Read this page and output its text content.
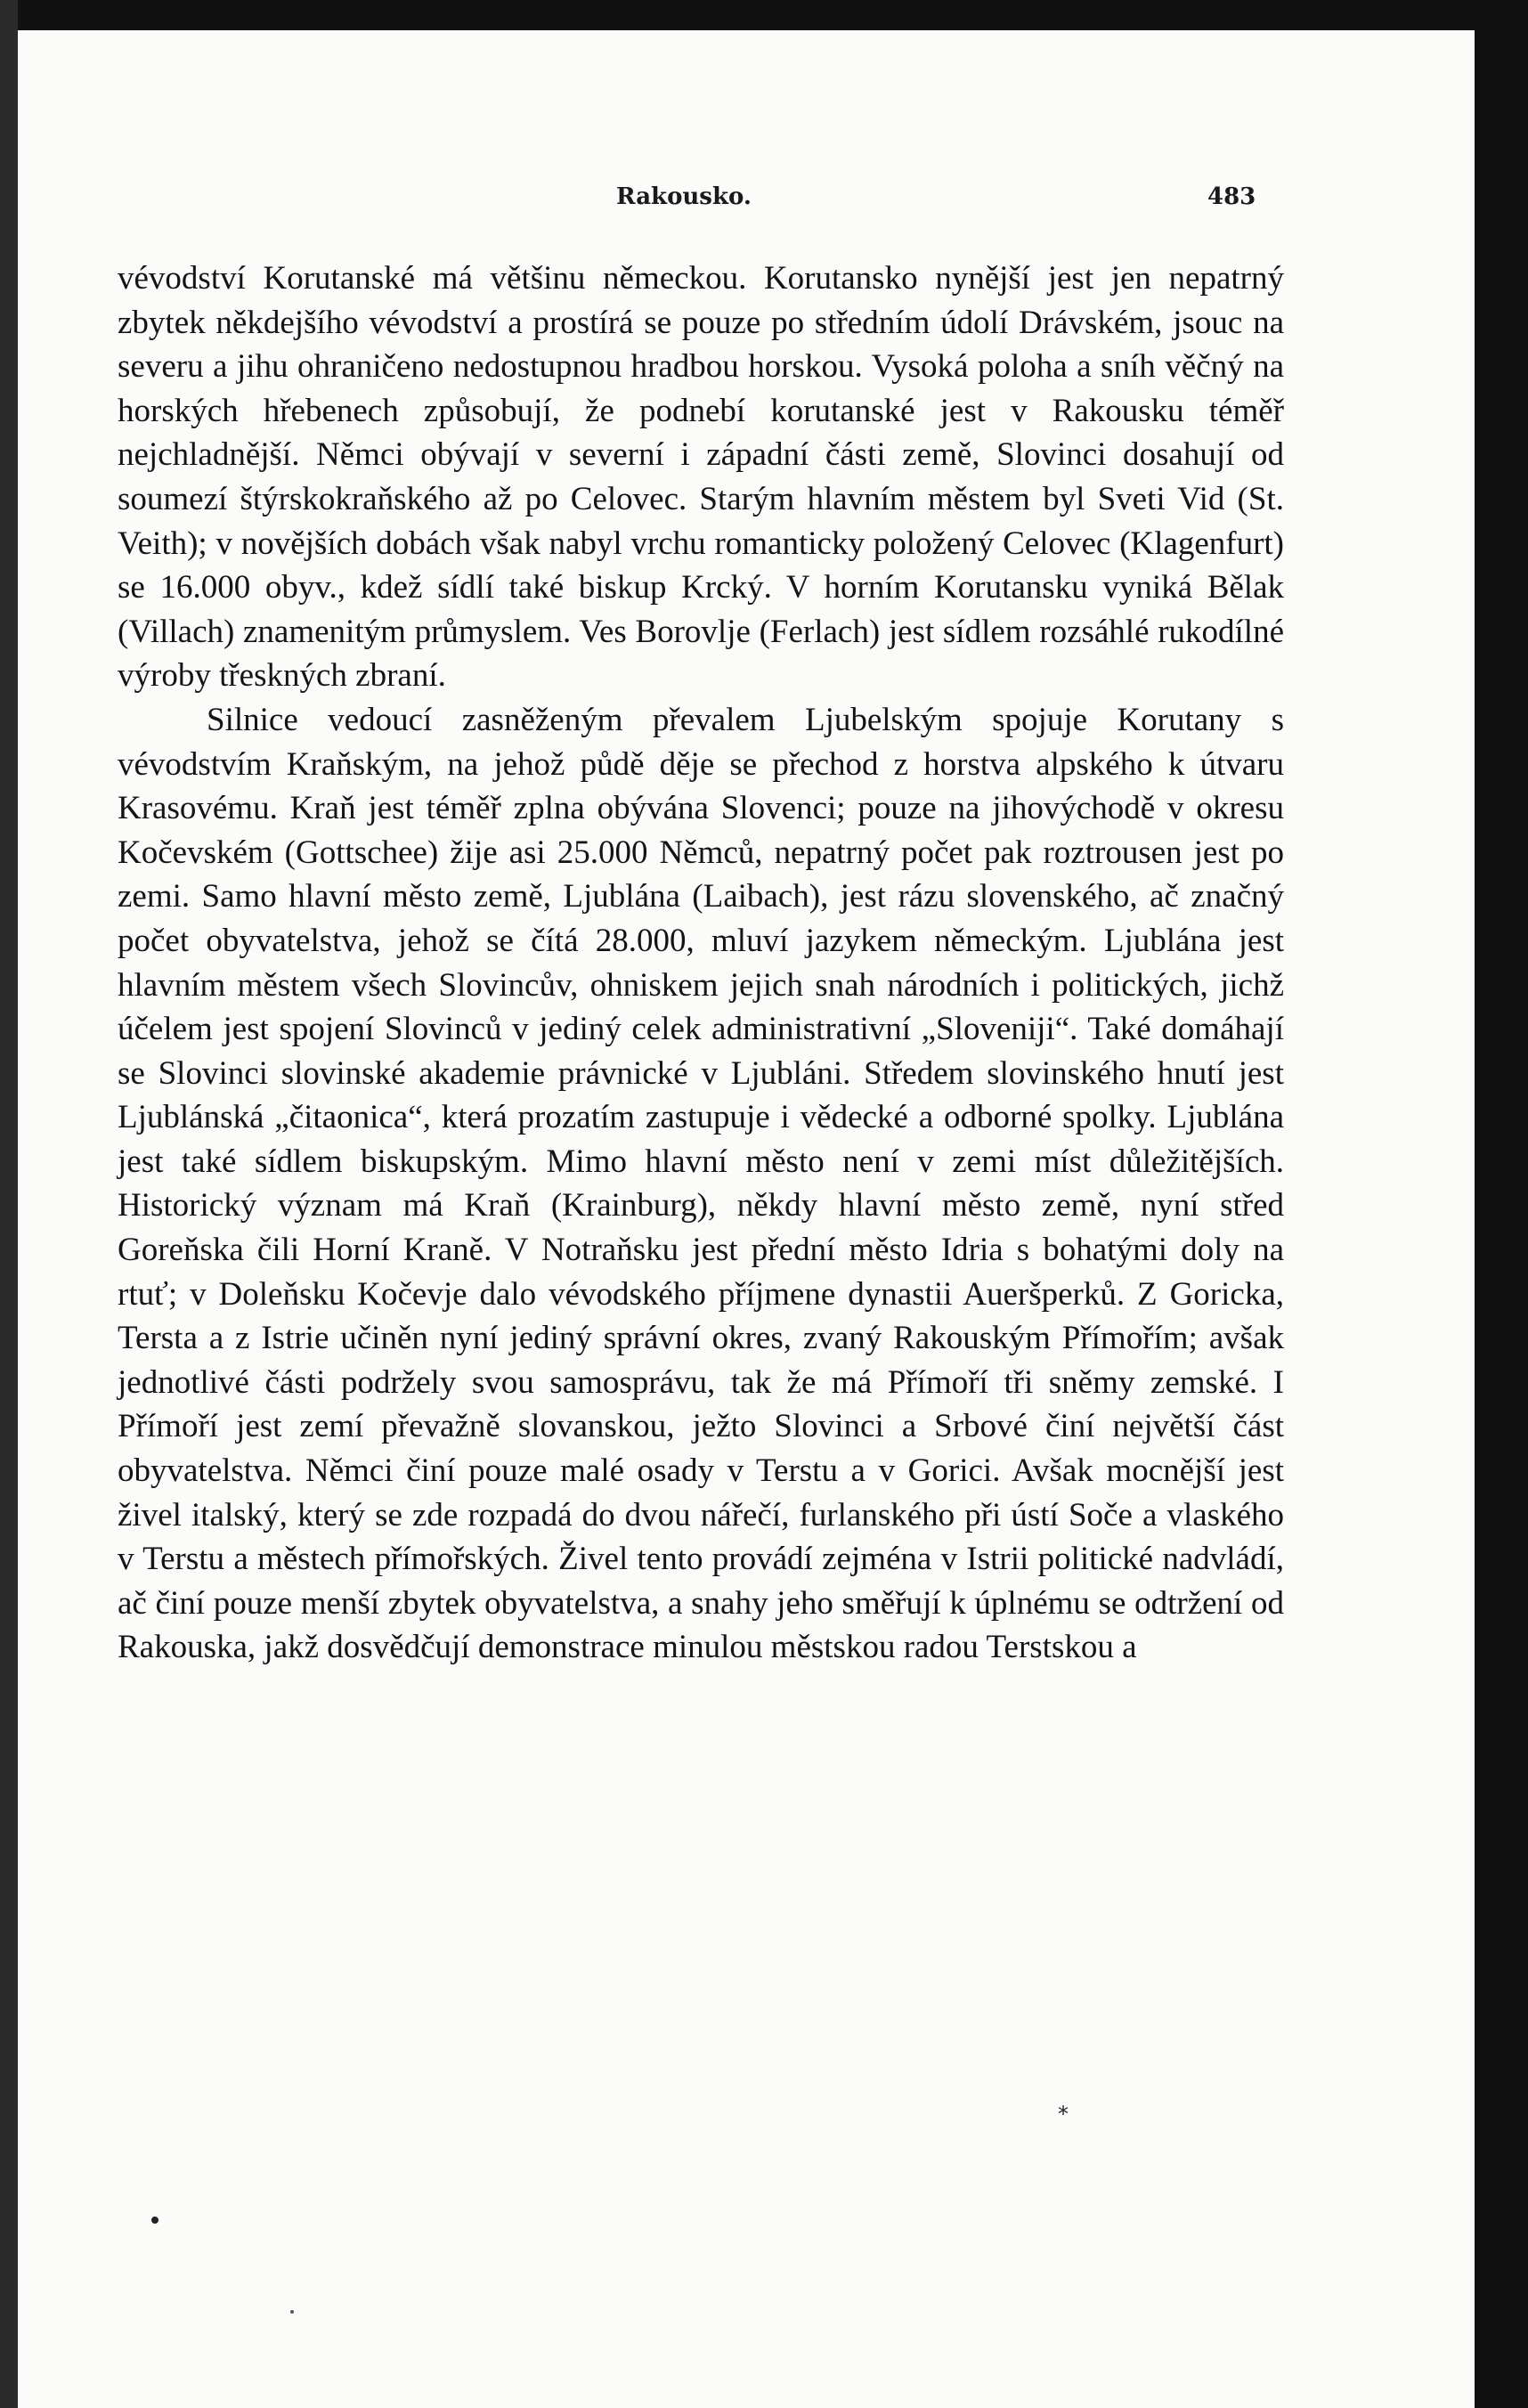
Rakousko.	483

vévodství Korutanské má většinu německou. Korutansko nynější jest jen nepatrný zbytek někdejšího vévodství a prostírá se pouze po středním údolí Drávském, jsouc na severu a jihu ohraničeno nedostupnou hradbou horskou. Vysoká poloha a sníh věčný na horských hřebenech způsobují, že podnebí korutanské jest v Rakousku téměř nejchladnější. Němci obývají v severní i západní části země, Slovinci dosahují od soumezí štýrskokraňského až po Celovec. Starým hlavním městem byl Sveti Vid (St. Veith); v novějších dobách však nabyl vrchu romanticky položený Celovec (Klagenfurt) se 16.000 obyv., kdež sídlí také biskup Krcký. V horním Korutansku vyniká Bělak (Villach) znamenitým průmyslem. Ves Borovlje (Ferlach) jest sídlem rozsáhlé rukodílné výroby třeskných zbraní.

Silnice vedoucí zasněženým převalem Ljubelským spojuje Korutany s vévodstvím Kraňským, na jehož půdě děje se přechod z horstva alpského k útvaru Krasovému. Kraň jest téměř zplna obývána Slovenci; pouze na jihovýchodě v okresu Kočevském (Gottschee) žije asi 25.000 Němců, nepatrný počet pak roztrousen jest po zemi. Samo hlavní město země, Ljublána (Laibach), jest rázu slovenského, ač značný počet obyvatelstva, jehož se čítá 28.000, mluví jazykem německým. Ljublána jest hlavním městem všech Slovincův, ohniskem jejich snah národních i politických, jichž účelem jest spojení Slovinců v jediný celek administrativní „Sloveniji“. Také domáhají se Slovinci slovinské akademie právnické v Ljubláni. Středem slovinského hnutí jest Ljublánská „čitaonica“, která prozatím zastupuje i vědecké a odborné spolky. Ljublána jest také sídlem biskupským. Mimo hlavní město není v zemi míst důležitějších. Historický význam má Kraň (Krainburg), někdy hlavní město země, nyní střed Goreňska čili Horní Kraně. V Notraňsku jest přední město Idria s bohatými doly na rtuť; v Doleňsku Kočevje dalo vévodského příjmene dynastii Aueršperků. Z Goricka, Tersta a z Istrie učiněn nyní jediný správní okres, zvaný Rakouským Přímořím; avšak jednotlivé části podržely svou samosprávu, tak že má Přímoří tři sněmy zemské. I Přímoří jest zemí převažně slovanskou, ježto Slovinci a Srbové činí největší část obyvatelstva. Němci činí pouze malé osady v Terstu a v Gorici. Avšak mocnější jest živel italský, který se zde rozpadá do dvou nářečí, furlanského při ústí Soče a vlaského v Terstu a městech přímořských. Živel tento provádí zejména v Istrii politické nadvládí, ač činí pouze menší zbytek obyvatelstva, a snahy jeho směřují k úplnému se odtržení od Rakouska, jakž dosvědčují demonstrace minulou městskou radou Terstskou a

*
